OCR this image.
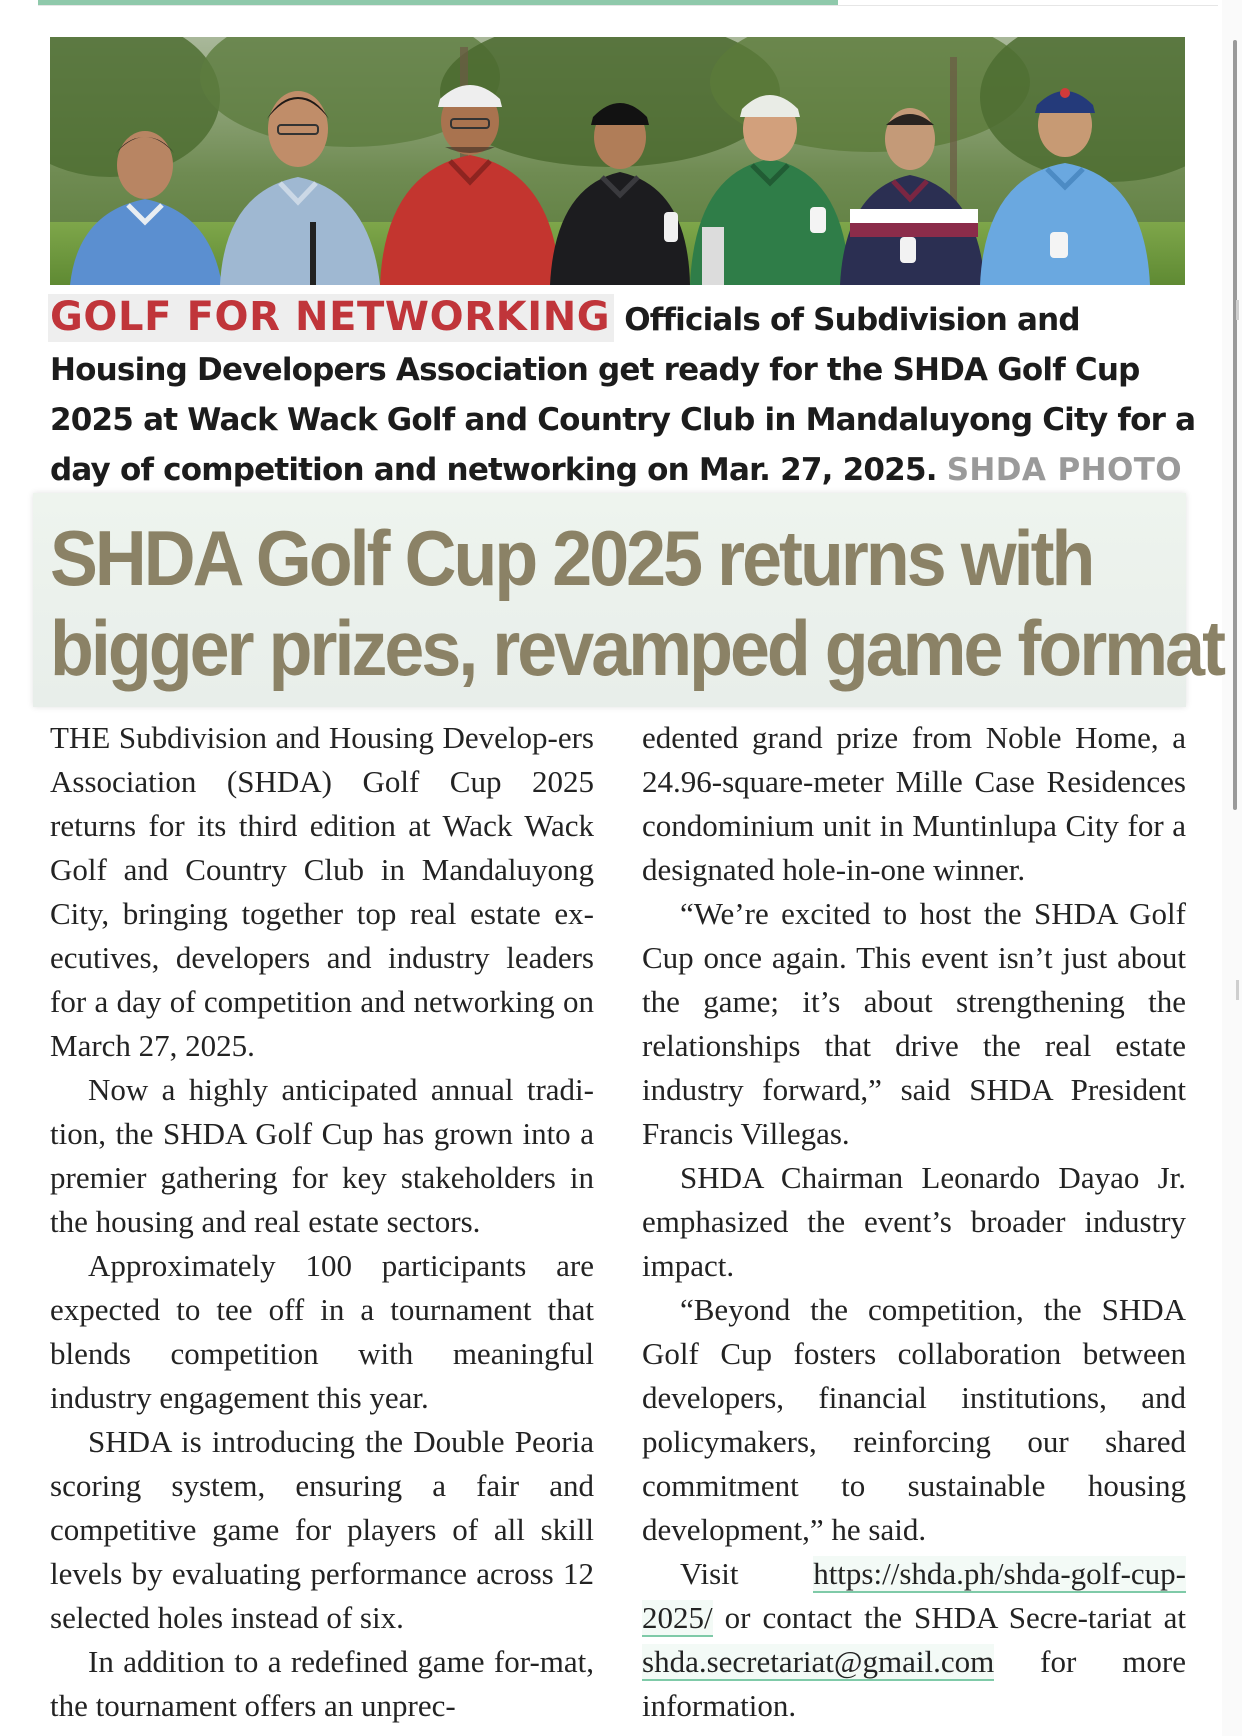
GOLF FOR NETWORKING Officials of Subdivision and Housing Developers Association get ready for the SHDA Golf Cup 2025 at Wack Wack Golf and Country Club in Mandaluyong City for a day of competition and networking on Mar. 27, 2025. SHDA PHOTO
SHDA Golf Cup 2025 returns with
bigger prizes, revamped game format

THE Subdivision and Housing Develop-ers Association (SHDA) Golf Cup 2025 returns for its third edition at Wack Wack Golf and Country Club in Mandaluyong City, bringing together top real estate ex-ecutives, developers and industry leaders for a day of competition and networking on March 27, 2025.

Now a highly anticipated annual tradi-tion, the SHDA Golf Cup has grown into a premier gathering for key stakeholders in the housing and real estate sectors.

Approximately 100 participants are expected to tee off in a tournament that blends competition with meaningful industry engagement this year.

SHDA is introducing the Double Peoria scoring system, ensuring a fair and competitive game for players of all skill levels by evaluating performance across 12 selected holes instead of six.

In addition to a redefined game for-mat, the tournament offers an unprec-

edented grand prize from Noble Home, a 24.96-square-meter Mille Case Residences condominium unit in Muntinlupa City for a designated hole-in-one winner.

“We’re excited to host the SHDA Golf Cup once again. This event isn’t just about the game; it’s about strengthening the relationships that drive the real estate industry forward,” said SHDA President Francis Villegas.

SHDA Chairman Leonardo Dayao Jr. emphasized the event’s broader industry impact.

“Beyond the competition, the SHDA Golf Cup fosters collaboration between developers, financial institutions, and policymakers, reinforcing our shared commitment to sustainable housing development,” he said.

Visit https://shda.ph/shda-golf-cup-2025/ or contact the SHDA Secre-tariat at shda.secretariat@gmail.com for more information.
